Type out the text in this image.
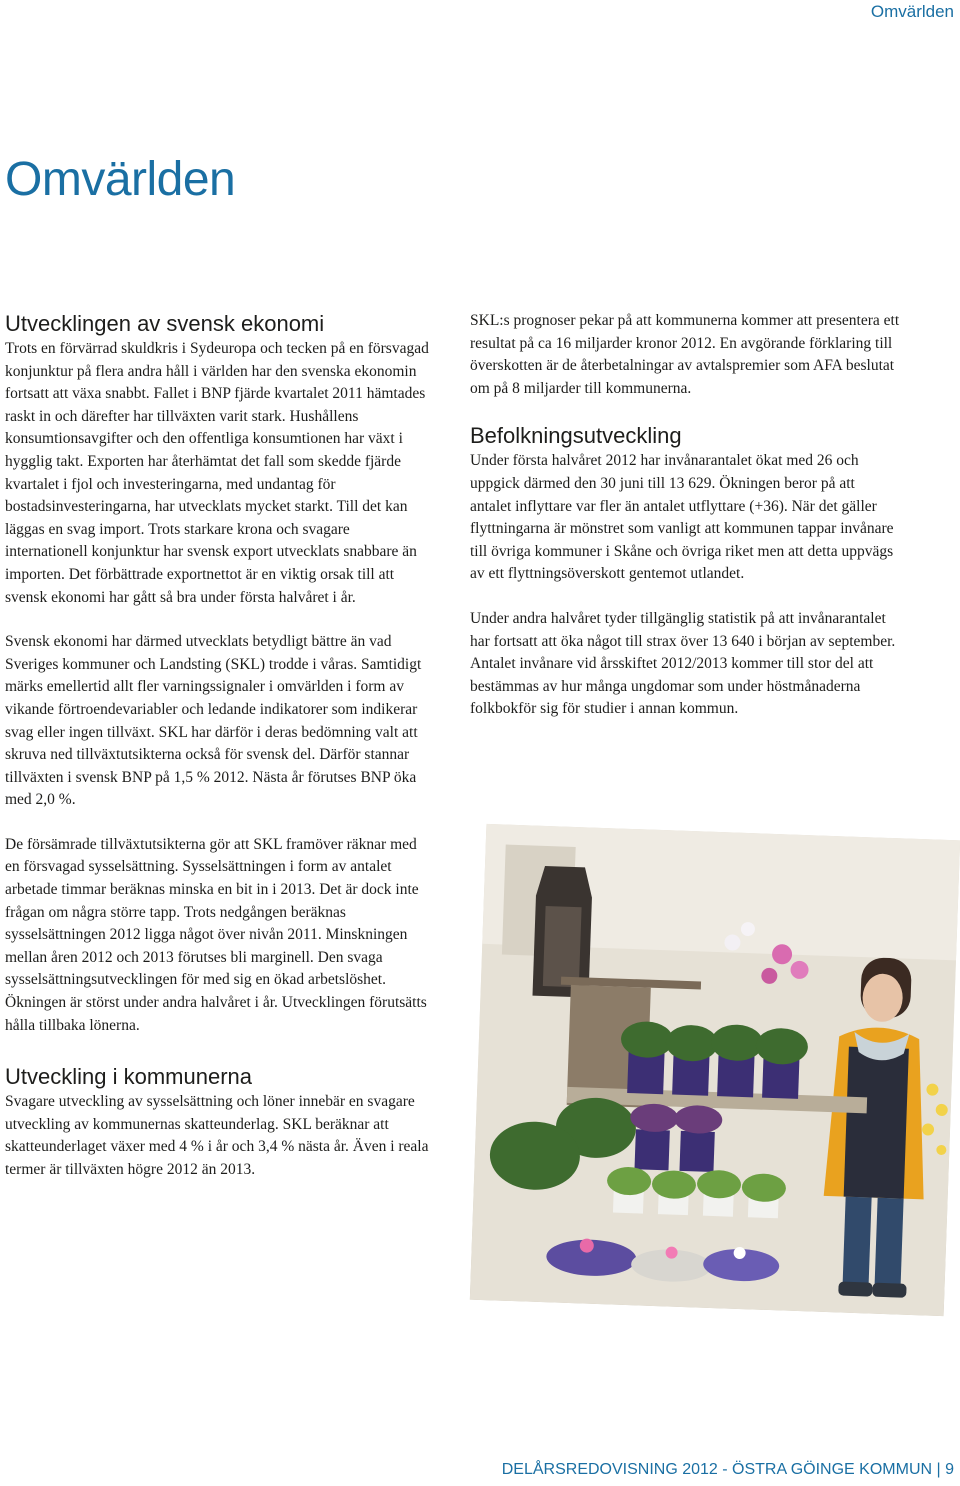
Omvärlden
Omvärlden
Utvecklingen av svensk ekonomi

Trots en förvärrad skuldkris i Sydeuropa och tecken på en försvagad konjunktur på flera andra håll i världen har den svenska ekonomin fortsatt att växa snabbt. Fallet i BNP fjärde kvartalet 2011 hämtades raskt in och därefter har tillväxten varit stark. Hushållens konsumtionsavgifter och den offentliga konsumtionen har växt i hygglig takt. Exporten har återhämtat det fall som skedde fjärde kvartalet i fjol och investeringarna, med undantag för bostadsinvesteringarna, har utvecklats mycket starkt. Till det kan läggas en svag import. Trots starkare krona och svagare internationell konjunktur har svensk export utvecklats snabbare än importen. Det förbättrade exportnettot är en viktig orsak till att svensk ekonomi har gått så bra under första halvåret i år.

Svensk ekonomi har därmed utvecklats betydligt bättre än vad Sveriges kommuner och Landsting (SKL) trodde i våras. Samtidigt märks emellertid allt fler varningssignaler i omvärlden i form av vikande förtroendevariabler och ledande indikatorer som indikerar svag eller ingen tillväxt. SKL har därför i deras bedömning valt att skruva ned tillväxtutsikterna också för svensk del. Därför stannar tillväxten i svensk BNP på 1,5 % 2012. Nästa år förutses BNP öka med 2,0 %.

De försämrade tillväxtutsikterna gör att SKL framöver räknar med en försvagad sysselsättning. Sysselsättningen i form av antalet arbetade timmar beräknas minska en bit in i 2013. Det är dock inte frågan om några större tapp. Trots nedgången beräknas sysselsättningen 2012 ligga något över nivån 2011. Minskningen mellan åren 2012 och 2013 förutses bli marginell. Den svaga sysselsättningsutvecklingen för med sig en ökad arbetslöshet. Ökningen är störst under andra halvåret i år. Utvecklingen förutsätts hålla tillbaka lönerna.

Utveckling i kommunerna

Svagare utveckling av sysselsättning och löner innebär en svagare utveckling av kommunernas skatteunderlag. SKL beräknar att skatteunderlaget växer med 4 % i år och 3,4 % nästa år. Även i reala termer är tillväxten högre 2012 än 2013.

SKL:s prognoser pekar på att kommunerna kommer att presentera ett resultat på ca 16 miljarder kronor 2012. En avgörande förklaring till överskotten är de återbetalningar av avtalspremier som AFA beslutat om på 8 miljarder till kommunerna.

Befolkningsutveckling

Under första halvåret 2012 har invånarantalet ökat med 26 och uppgick därmed den 30 juni till 13 629. Ökningen beror på att antalet inflyttare var fler än antalet utflyttare (+36). När det gäller flyttningarna är mönstret som vanligt att kommunen tappar invånare till övriga kommuner i Skåne och övriga riket men att detta uppvägs av ett flyttningsöverskott gentemot utlandet.

Under andra halvåret tyder tillgänglig statistik på att invånarantalet har fortsatt att öka något till strax över 13 640 i början av september. Antalet invånare vid årsskiftet 2012/2013 kommer till stor del att bestämmas av hur många ungdomar som under höstmånaderna folkbokför sig för studier i annan kommun.

DELÅRSREDOVISNING 2012 - ÖSTRA GÖINGE KOMMUN | 9
